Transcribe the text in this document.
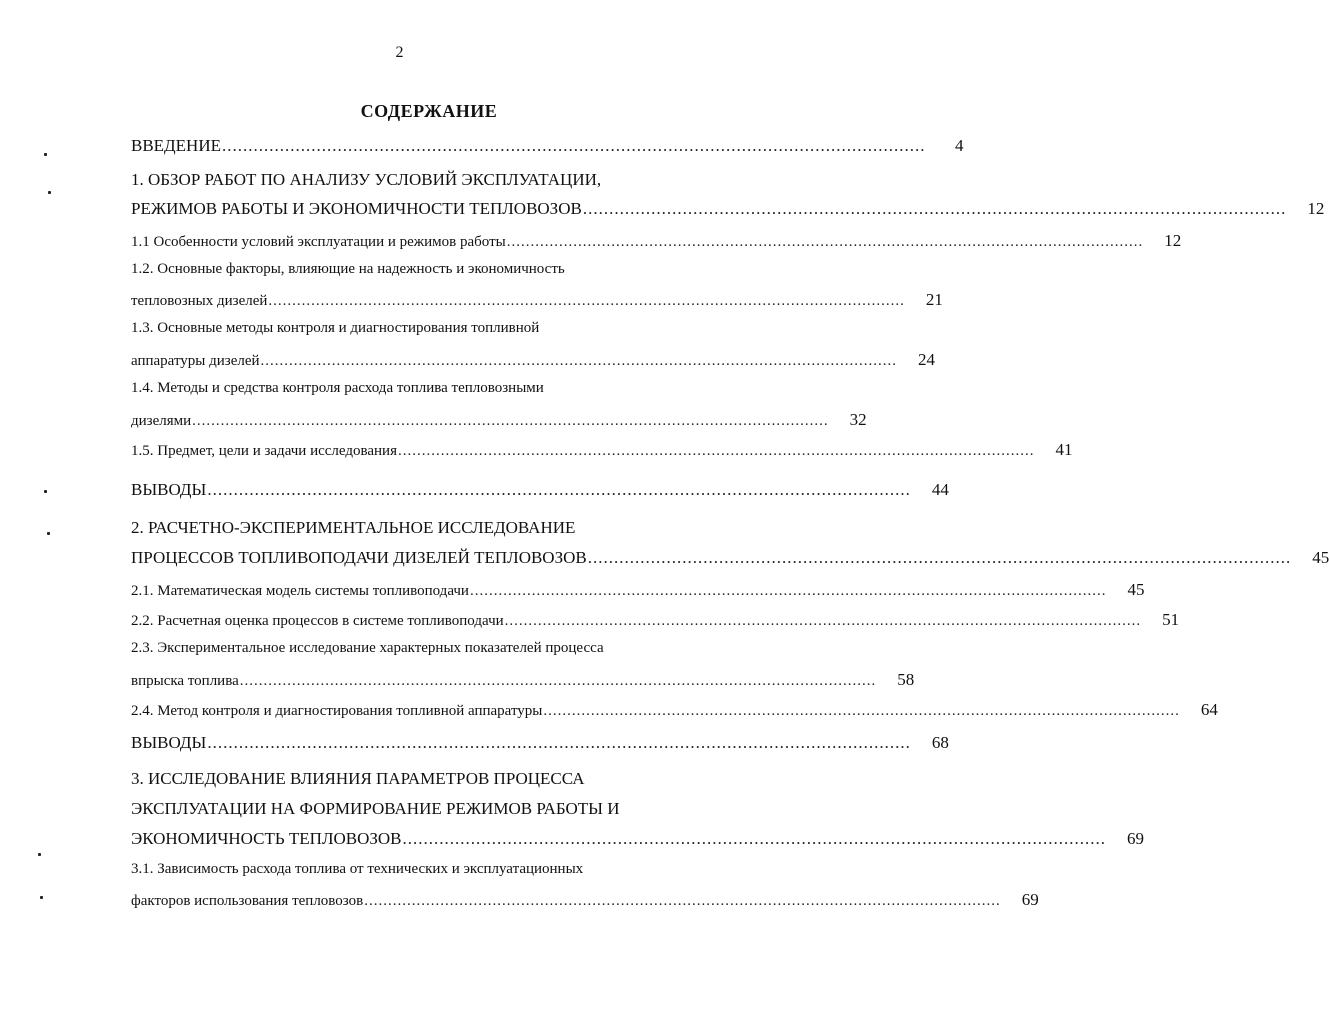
2
СОДЕРЖАНИЕ
ВВЕДЕНИЕ ......................................................................................................................................	4
1. ОБЗОР РАБОТ ПО АНАЛИЗУ УСЛОВИЙ ЭКСПЛУАТАЦИИ,
РЕЖИМОВ РАБОТЫ И ЭКОНОМИЧНОСТИ ТЕПЛОВОЗОВ ......................................................................................................................................	12
1.1 Особенности условий эксплуатации и режимов работы ......................................................................................................................................	12
1.2. Основные факторы, влияющие на надежность и экономичность
тепловозных дизелей ......................................................................................................................................	21
1.3. Основные методы контроля и диагностирования топливной
аппаратуры дизелей ......................................................................................................................................	24
1.4. Методы и средства контроля расхода топлива тепловозными
дизелями ......................................................................................................................................	32
1.5. Предмет, цели и задачи исследования ......................................................................................................................................	41
ВЫВОДЫ ......................................................................................................................................	44
2. РАСЧЕТНО-ЭКСПЕРИМЕНТАЛЬНОЕ ИССЛЕДОВАНИЕ
ПРОЦЕССОВ ТОПЛИВОПОДАЧИ ДИЗЕЛЕЙ ТЕПЛОВОЗОВ ......................................................................................................................................	45
2.1. Математическая модель системы топливоподачи ......................................................................................................................................	45
2.2. Расчетная оценка процессов в системе топливоподачи ......................................................................................................................................	51
2.3. Экспериментальное исследование характерных показателей процесса
впрыска топлива ......................................................................................................................................	58
2.4. Метод контроля и диагностирования топливной аппаратуры ......................................................................................................................................	64
ВЫВОДЫ ......................................................................................................................................	68
3. ИССЛЕДОВАНИЕ ВЛИЯНИЯ ПАРАМЕТРОВ ПРОЦЕССА
ЭКСПЛУАТАЦИИ НА ФОРМИРОВАНИЕ РЕЖИМОВ РАБОТЫ И
ЭКОНОМИЧНОСТЬ ТЕПЛОВОЗОВ ......................................................................................................................................	69
3.1. Зависимость расхода топлива от технических и эксплуатационных
факторов использования тепловозов ......................................................................................................................................	69
